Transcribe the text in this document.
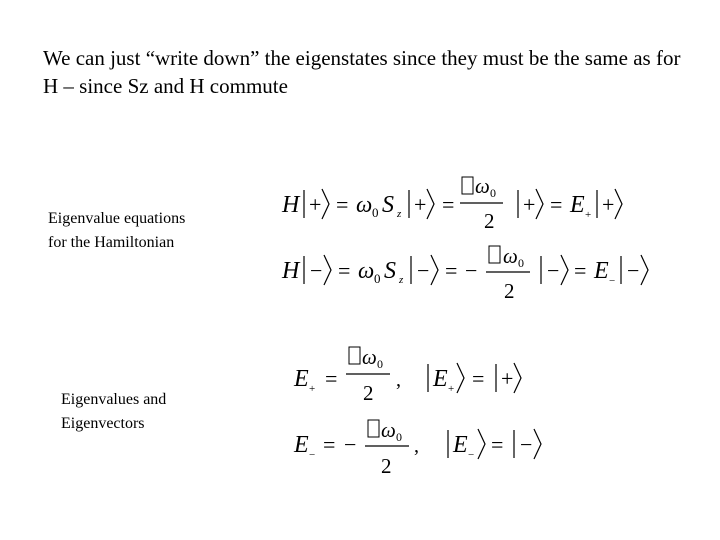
We can just “write down” the eigenstates since they must be the same as for H – since Sz and H commute
Eigenvalue equations
for the Hamiltonian
Eigenvalues and
Eigenvectors
H + = ω 0 S z + =
ω 0
2
+ = E + +
H − = ω 0 S z − = −
ω 0
2
− = E − −
E + =
ω 0
2
, E + = +
E − = −
ω 0
2
, E − = −
